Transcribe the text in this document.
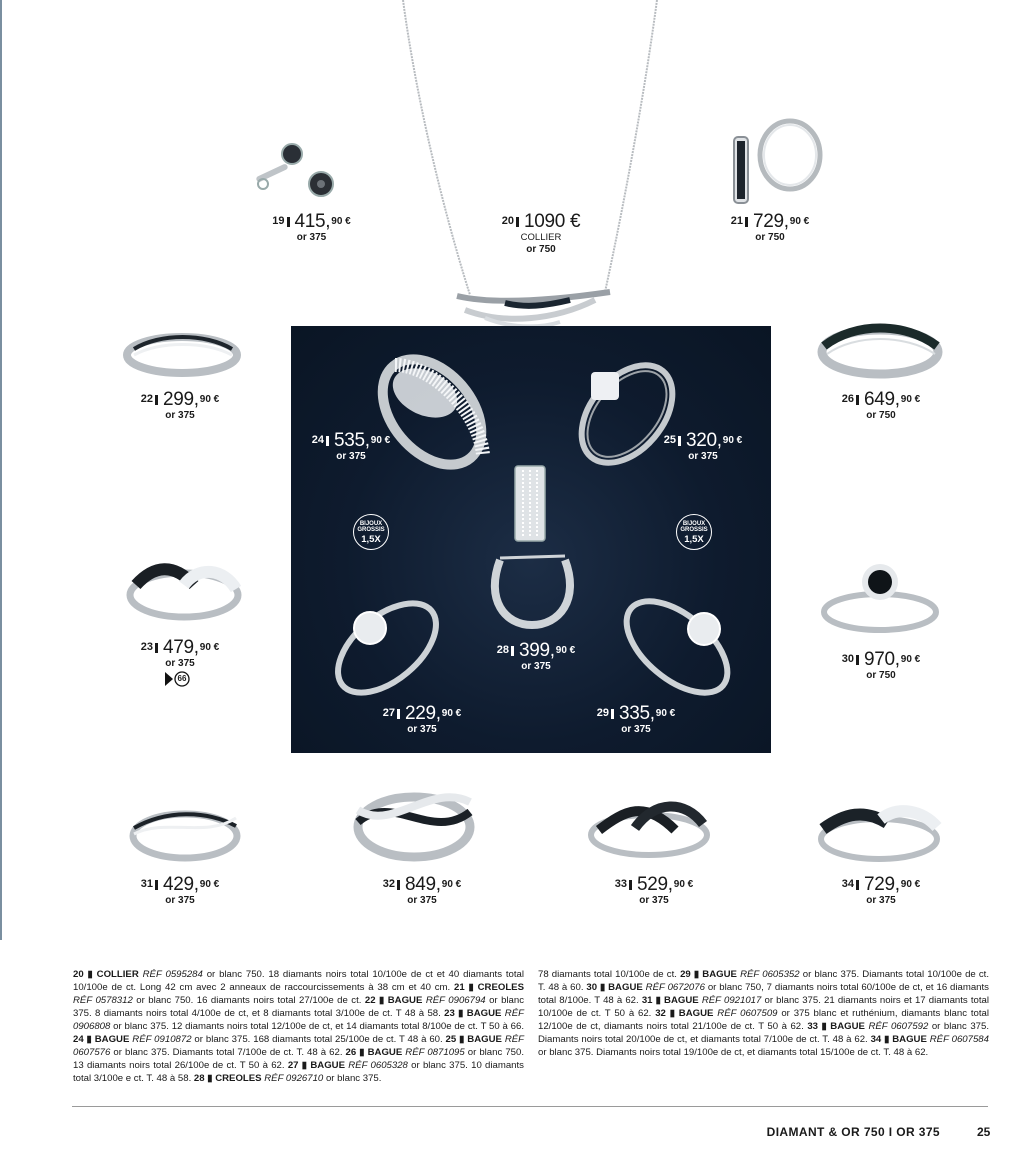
19 415,90 €
or 375
20 1090 €
COLLIER
or 750
21 729,90 €
or 750
22 299,90 €
or 375
26 649,90 €
or 750
24 535,90 €
or 375
25 320,90 €
or 375
23 479,90 €
or 375	30 970,90 €
or 750
28 399,90 €
or 375
27 229,90 €
or 375
29 335,90 €
or 375
31 429,90 €
or 375
32 849,90 €
or 375
33 529,90 €
or 375
34 729,90 €
or 375
BIJOUX
GROSSIS
1,5X
BIJOUX
GROSSIS
1,5X
66
20 ▮ COLLIER RÉF 0595284 or blanc 750. 18 diamants noirs total 10/100e de ct et 40 diamants total 10/100e de ct. Long 42 cm avec 2 anneaux de raccourcissements à 38 cm et 40 cm. 21 ▮ CREOLES RÉF 0578312 or blanc 750. 16 diamants noirs total 27/100e de ct. 22 ▮ BAGUE RÉF 0906794 or blanc 375. 8 diamants noirs total 4/100e de ct, et 8 diamants total 3/100e de ct. T 48 à 58. 23 ▮ BAGUE RÉF 0906808 or blanc 375. 12 diamants noirs total 12/100e de ct, et 14 diamants total 8/100e de ct. T 50 à 66. 24 ▮ BAGUE RÉF 0910872 or blanc 375. 168 diamants total 25/100e de ct. T 48 à 60. 25 ▮ BAGUE RÉF 0607576 or blanc 375. Diamants total 7/100e de ct. T. 48 à 62. 26 ▮ BAGUE RÉF 0871095 or blanc 750. 13 diamants noirs total 26/100e de ct. T 50 à 62. 27 ▮ BAGUE RÉF 0605328 or blanc 375. 10 diamants total 3/100e e ct. T. 48 à 58. 28 ▮ CREOLES RÉF 0926710 or blanc 375.
78 diamants total 10/100e de ct. 29 ▮ BAGUE RÉF 0605352 or blanc 375. Diamants total 10/100e de ct. T. 48 à 60. 30 ▮ BAGUE RÉF 0672076 or blanc 750, 7 diamants noirs total 60/100e de ct, et 16 diamants total 8/100e. T 48 à 62. 31 ▮ BAGUE RÉF 0921017 or blanc 375. 21 diamants noirs et 17 diamants total 10/100e de ct. T 50 à 62. 32 ▮ BAGUE RÉF 0607509 or 375 blanc et ruthénium, diamants blanc total 12/100e de ct, diamants noirs total 21/100e de ct. T 50 à 62. 33 ▮ BAGUE RÉF 0607592 or blanc 375. Diamants noirs total 20/100e de ct, et diamants total 7/100e de ct. T. 48 à 62. 34 ▮ BAGUE RÉF 0607584 or blanc 375. Diamants noirs total 19/100e de ct, et diamants total 15/100e de ct. T. 48 à 62.
DIAMANT & OR 750 I OR 375	25
